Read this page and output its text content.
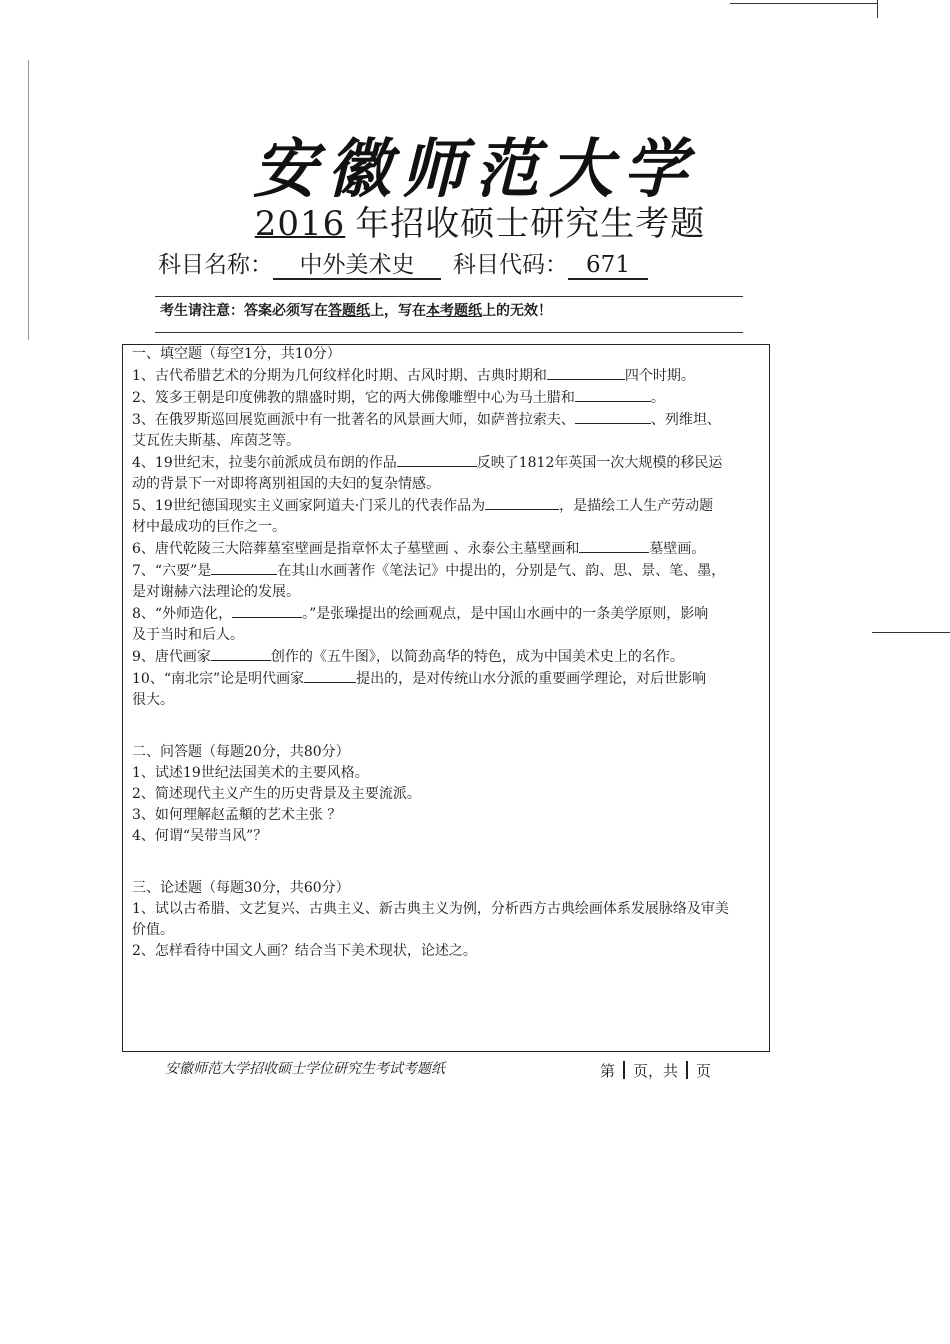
安徽师范大学
2016 年招收硕士研究生考题
科目名称： 中外美术史 科目代码： 671
考生请注意：答案必须写在答题纸上，写在本考题纸上的无效！

一、填空题（每空1分，共10分）

1、古代希腊艺术的分期为几何纹样化时期、古风时期、古典时期和	四个时期。

2、笈多王朝是印度佛教的鼎盛时期，它的两大佛像雕塑中心为马土腊和	。

3、在俄罗斯巡回展览画派中有一批著名的风景画大师，如萨普拉索夫、	、列维坦、

艾瓦佐夫斯基、库茵芝等。

4、19世纪末，拉斐尔前派成员布朗的作品	反映了1812年英国一次大规模的移民运

动的背景下一对即将离别祖国的夫妇的复杂情感。

5、19世纪德国现实主义画家阿道夫·门采儿的代表作品为	，是描绘工人生产劳动题

材中最成功的巨作之一。

6、唐代乾陵三大陪葬墓室壁画是指章怀太子墓壁画 、永泰公主墓壁画和	墓壁画。

7、“六要”是	在其山水画著作《笔法记》中提出的，分别是气、韵、思、景、笔、墨，

是对谢赫六法理论的发展。

8、“外师造化，	。”是张璪提出的绘画观点，是中国山水画中的一条美学原则，影响

及于当时和后人。

9、唐代画家	创作的《五牛图》，以简劲高华的特色，成为中国美术史上的名作。

10、“南北宗”论是明代画家	提出的，是对传统山水分派的重要画学理论，对后世影响

很大。

二、问答题（每题20分，共80分）

1、试述19世纪法国美术的主要风格。

2、简述现代主义产生的历史背景及主要流派。

3、如何理解赵孟頫的艺术主张 ？

4、何谓“吴带当风”？

三、论述题（每题30分，共60分）

1、试以古希腊、文艺复兴、古典主义、新古典主义为例，分析西方古典绘画体系发展脉络及审美

价值。

2、怎样看待中国文人画？结合当下美术现状，论述之。

安徽师范大学招收硕士学位研究生考试考题纸	第 页，共 页
